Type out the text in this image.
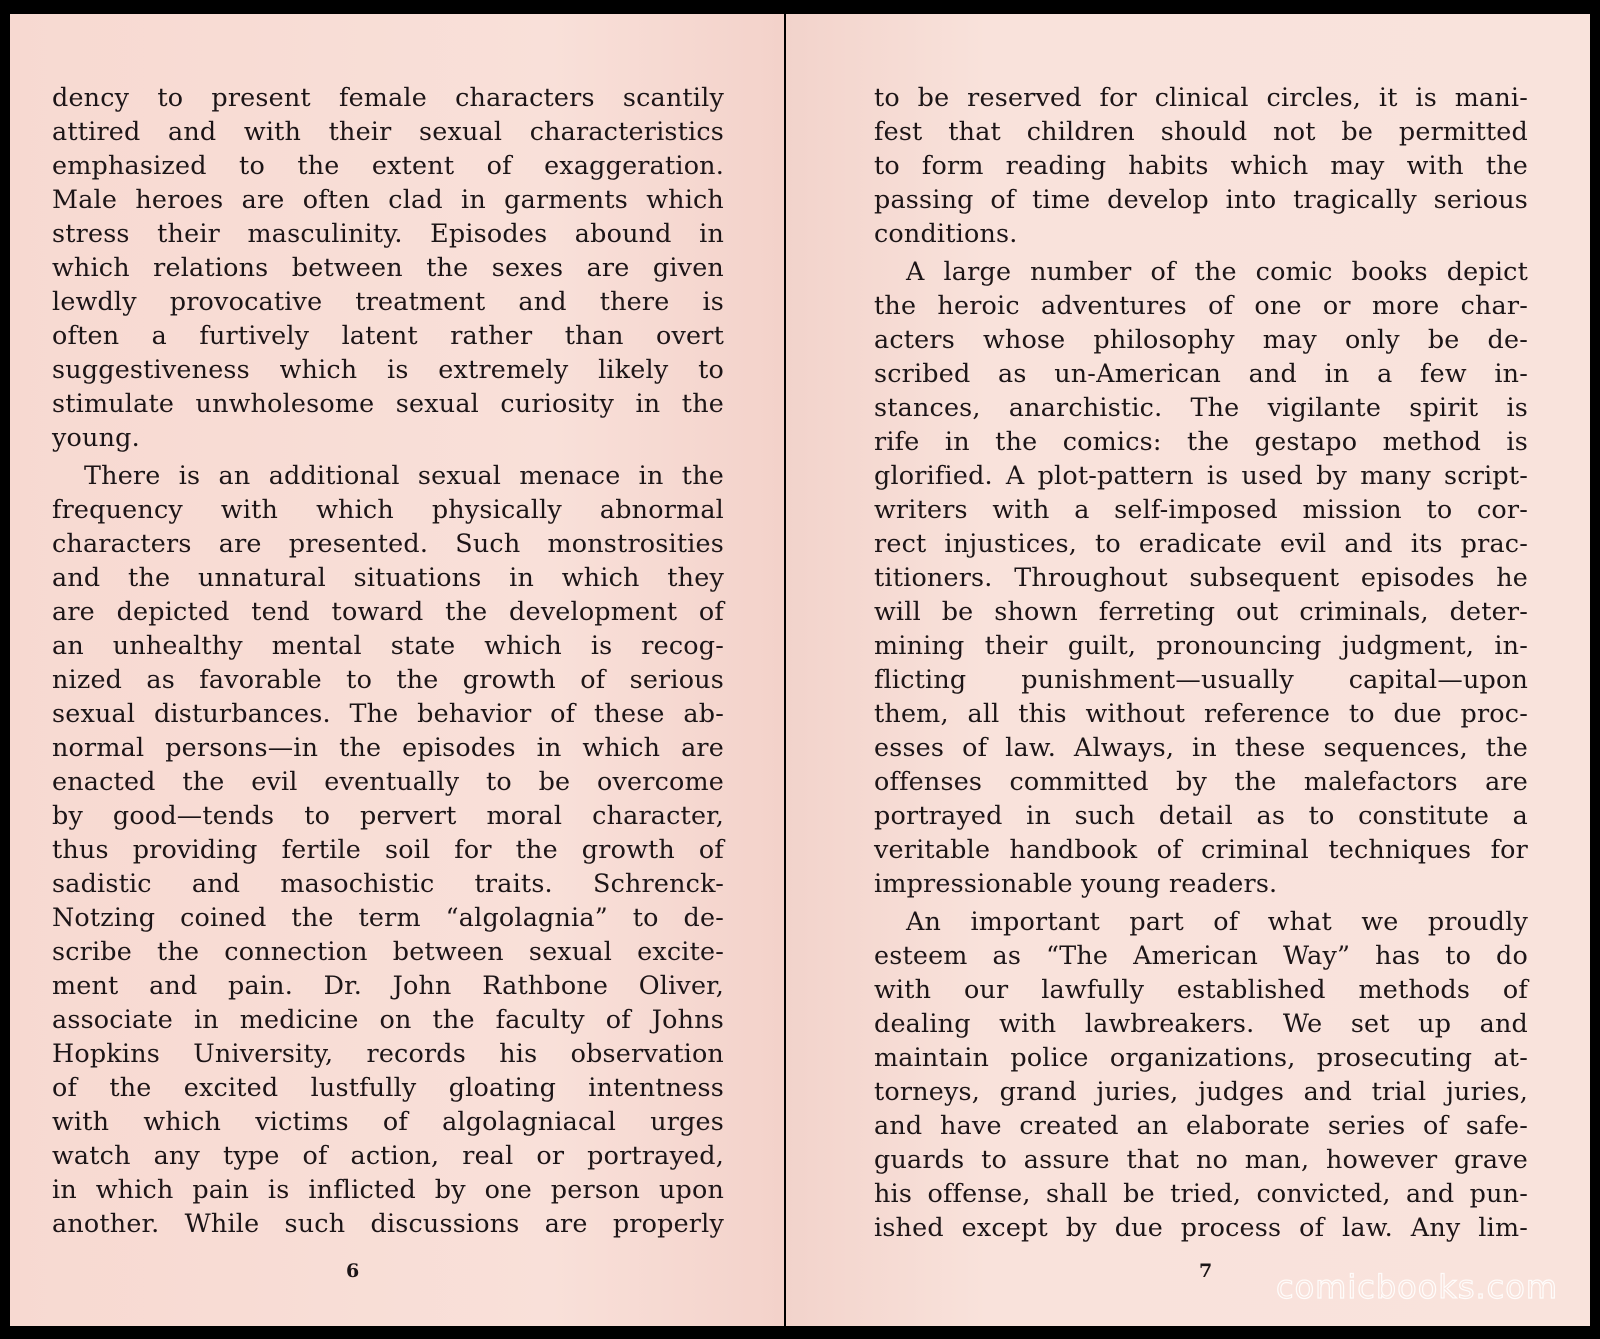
dency to present female characters scantily
attired and with their sexual characteristics
emphasized to the extent of exaggeration.
Male heroes are often clad in garments which
stress their masculinity. Episodes abound in
which relations between the sexes are given
lewdly provocative treatment and there is
often a furtively latent rather than overt
suggestiveness which is extremely likely to
stimulate unwholesome sexual curiosity in the
young.
There is an additional sexual menace in the
frequency with which physically abnormal
characters are presented. Such monstrosities
and the unnatural situations in which they
are depicted tend toward the development of
an unhealthy mental state which is recog-
nized as favorable to the growth of serious
sexual disturbances. The behavior of these ab-
normal persons—in the episodes in which are
enacted the evil eventually to be overcome
by good—tends to pervert moral character,
thus providing fertile soil for the growth of
sadistic and masochistic traits. Schrenck-
Notzing coined the term “algolagnia” to de-
scribe the connection between sexual excite-
ment and pain. Dr. John Rathbone Oliver,
associate in medicine on the faculty of Johns
Hopkins University, records his observation
of the excited lustfully gloating intentness
with which victims of algolagniacal urges
watch any type of action, real or portrayed,
in which pain is inflicted by one person upon
another. While such discussions are properly
6
to be reserved for clinical circles, it is mani-
fest that children should not be permitted
to form reading habits which may with the
passing of time develop into tragically serious
conditions.
A large number of the comic books depict
the heroic adventures of one or more char-
acters whose philosophy may only be de-
scribed as un-American and in a few in-
stances, anarchistic. The vigilante spirit is
rife in the comics: the gestapo method is
glorified. A plot-pattern is used by many script-
writers with a self-imposed mission to cor-
rect injustices, to eradicate evil and its prac-
titioners. Throughout subsequent episodes he
will be shown ferreting out criminals, deter-
mining their guilt, pronouncing judgment, in-
flicting punishment—usually capital—upon
them, all this without reference to due proc-
esses of law. Always, in these sequences, the
offenses committed by the malefactors are
portrayed in such detail as to constitute a
veritable handbook of criminal techniques for
impressionable young readers.
An important part of what we proudly
esteem as “The American Way” has to do
with our lawfully established methods of
dealing with lawbreakers. We set up and
maintain police organizations, prosecuting at-
torneys, grand juries, judges and trial juries,
and have created an elaborate series of safe-
guards to assure that no man, however grave
his offense, shall be tried, convicted, and pun-
ished except by due process of law. Any lim-
7 comicbooks.com
